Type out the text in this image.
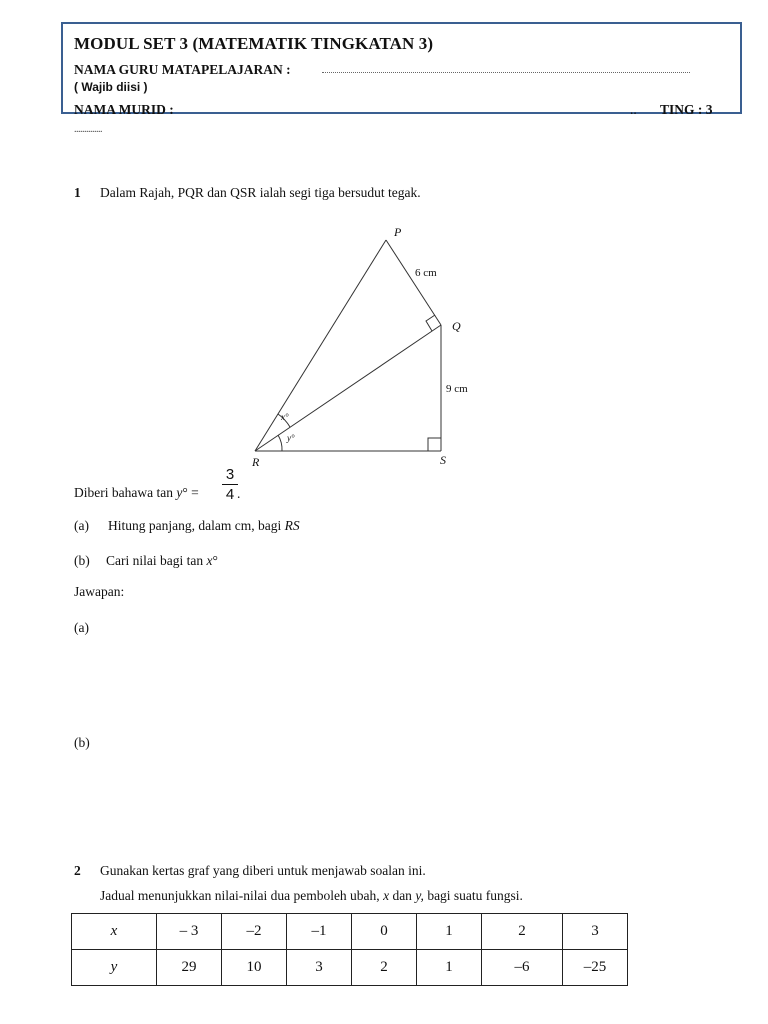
MODUL SET 3 (MATEMATIK TINGKATAN 3)
NAMA GURU MATAPELAJARAN :
( Wajib diisi )
NAMA MURID :	.. TING : 3
..............
1 Dalam Rajah, PQR dan QSR ialah segi tiga bersudut tegak.
P
Q
R	S
6 cm
9 cm
x°
y°
Diberi bahawa tan y° =
3
4 .
(a) Hitung panjang, dalam cm, bagi RS
(b) Cari nilai bagi tan x°
Jawapan:
(a)
(b)
2 Gunakan kertas graf yang diberi untuk menjawab soalan ini.
Jadual menunjukkan nilai-nilai dua pemboleh ubah, x dan y, bagi suatu fungsi.
x	– 3	–2	–1	0	1	2	3
y	29	10	3	2	1	–6	–25
